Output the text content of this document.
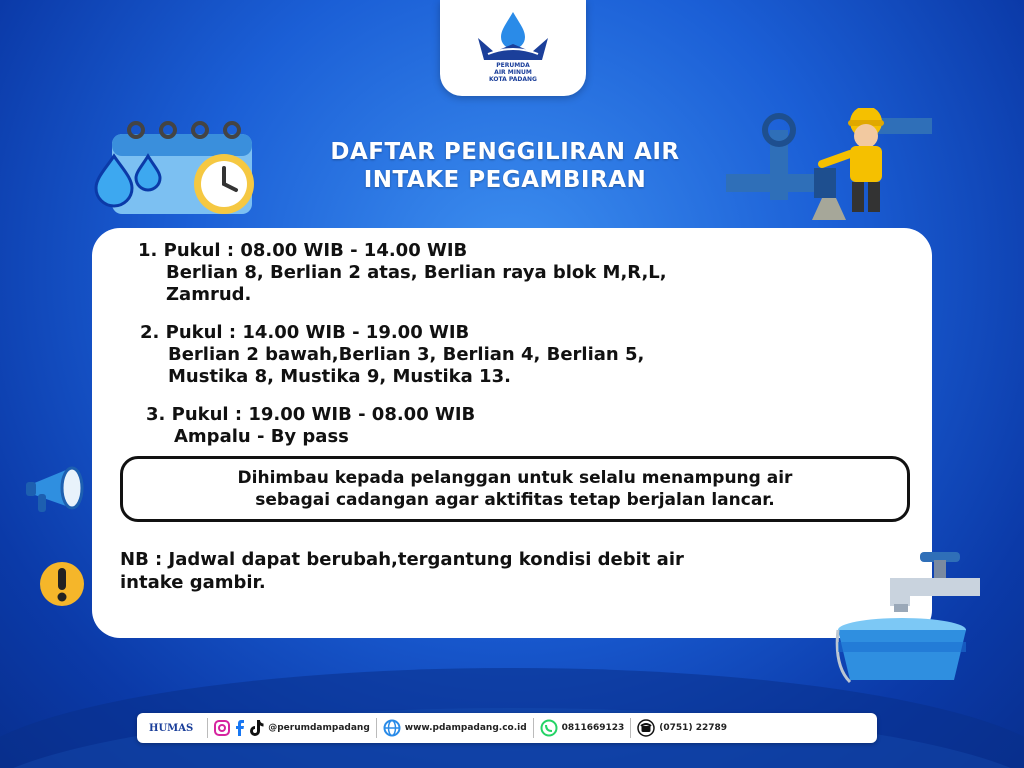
PERUMDA
AIR MINUM
KOTA PADANG
DAFTAR PENGGILIRAN AIR
INTAKE PEGAMBIRAN
1. Pukul : 08.00 WIB - 14.00 WIB
Berlian 8, Berlian 2 atas, Berlian raya blok M,R,L,
Zamrud.
2. Pukul : 14.00 WIB - 19.00 WIB
Berlian 2 bawah,Berlian 3, Berlian 4, Berlian 5,
Mustika 8, Mustika 9, Mustika 13.
3. Pukul : 19.00 WIB - 08.00 WIB
Ampalu - By pass
Dihimbau kepada pelanggan untuk selalu menampung air
sebagai cadangan agar aktifitas tetap berjalan lancar.
NB : Jadwal dapat berubah,tergantung kondisi debit air
intake gambir.
HUMAS	@perumdampadang	www.pdampadang.co.id	0811669123	(0751) 22789
